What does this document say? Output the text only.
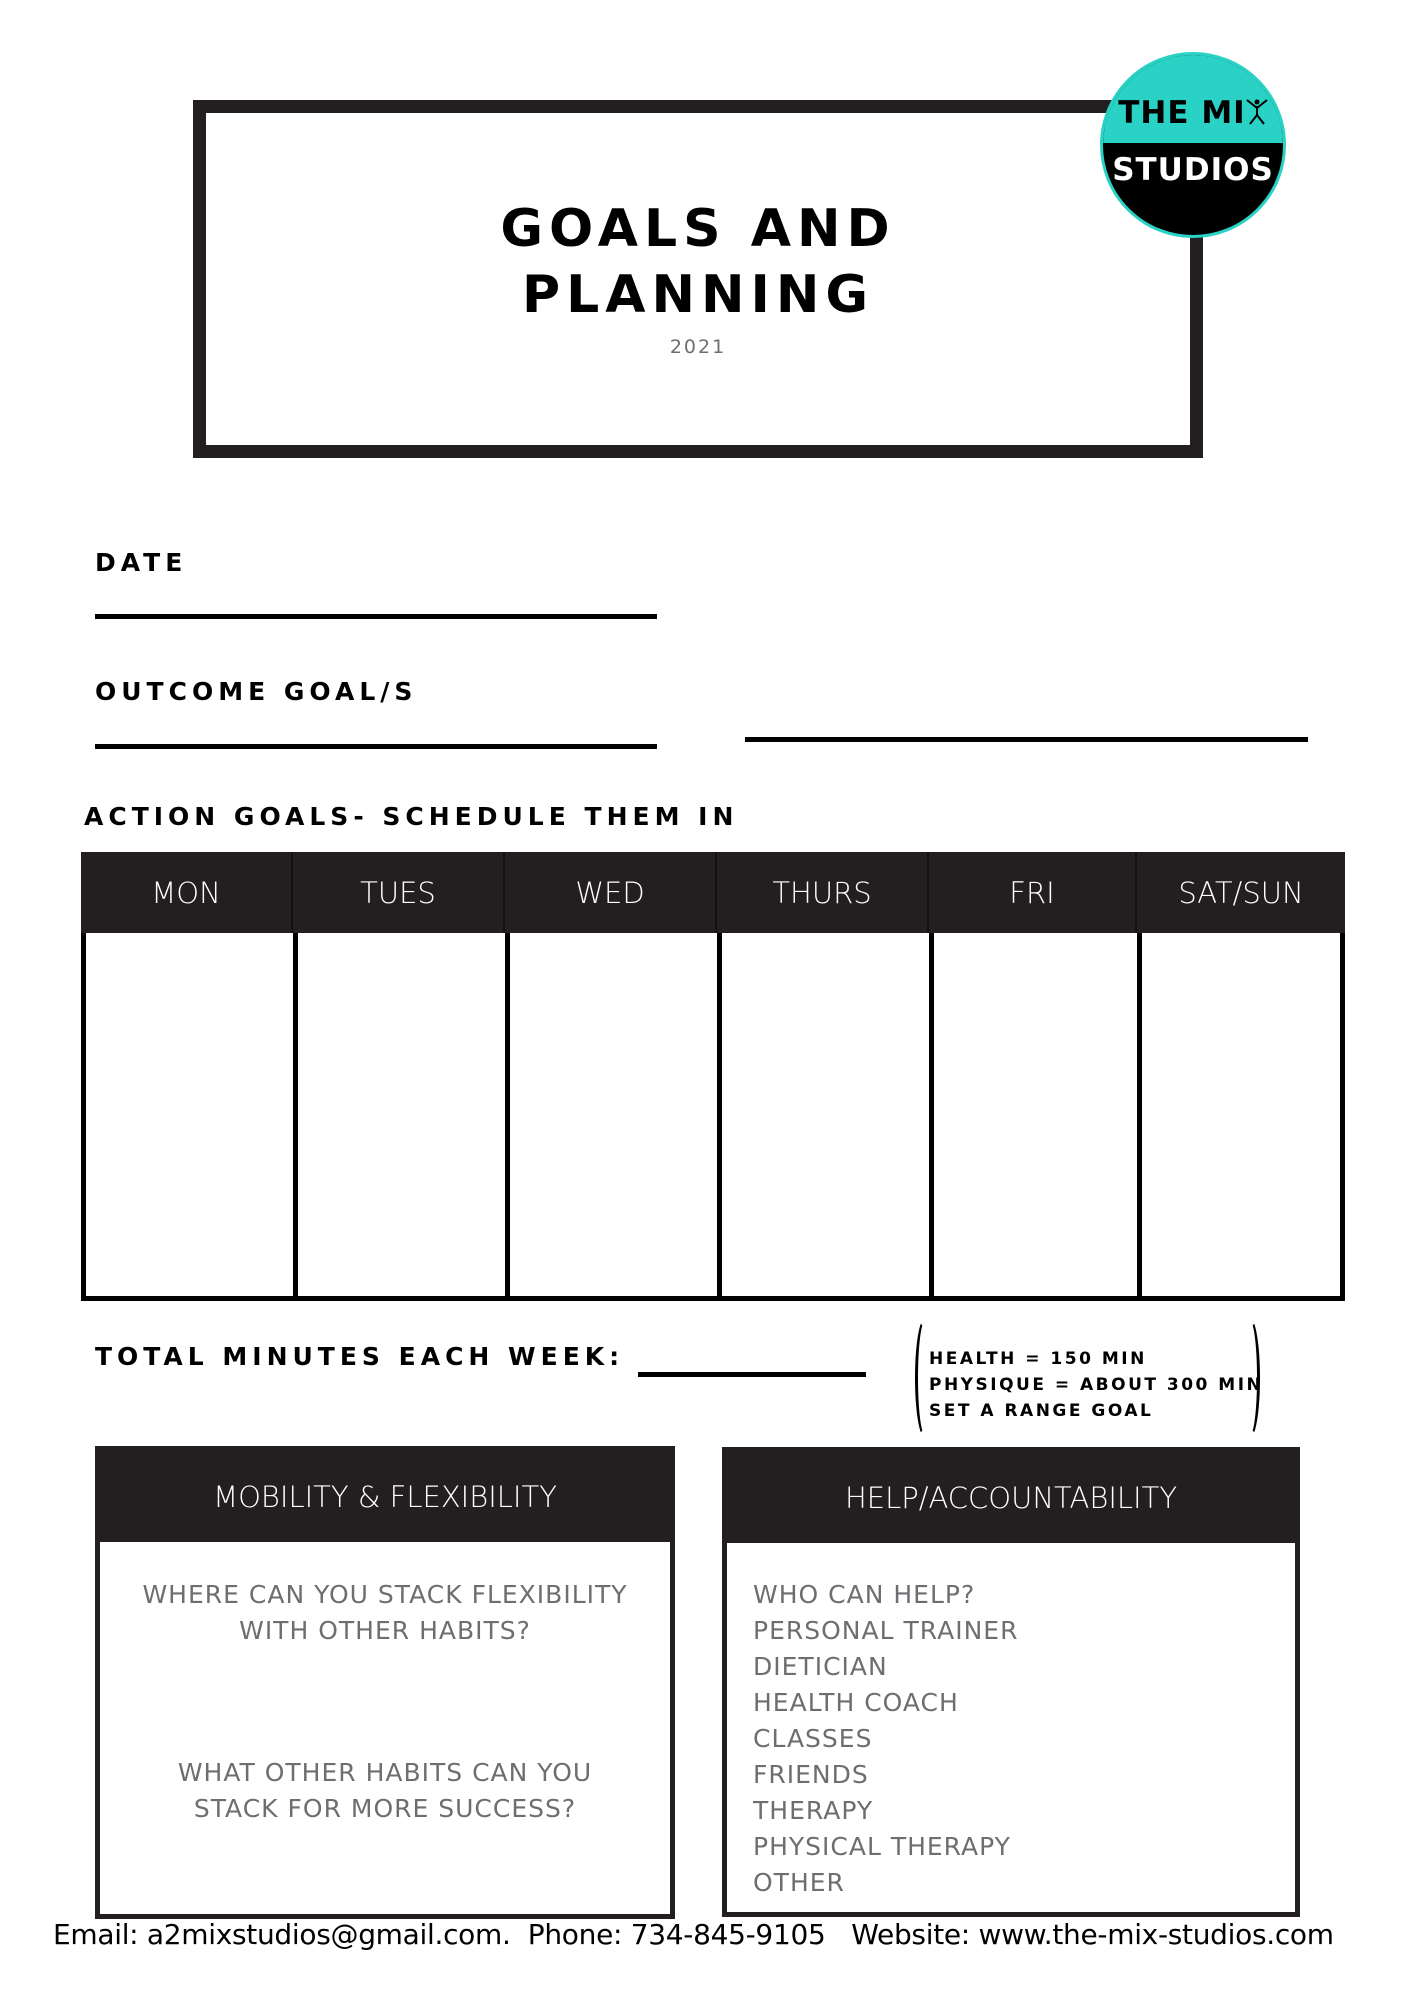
GOALS AND
PLANNING
2021
THE MI
STUDIOS
DATE
OUTCOME GOAL/S
ACTION GOALS- SCHEDULE THEM IN
MON	TUES	WED	THURS	FRI	SAT/SUN
TOTAL MINUTES EACH WEEK:	HEALTH = 150 MIN
PHYSIQUE = ABOUT 300 MIN
SET A RANGE GOAL
MOBILITY & FLEXIBILITY
WHERE CAN YOU STACK FLEXIBILITY
WITH OTHER HABITS?
WHAT OTHER HABITS CAN YOU
STACK FOR MORE SUCCESS?
HELP/ACCOUNTABILITY
WHO CAN HELP?
PERSONAL TRAINER
DIETICIAN
HEALTH COACH
CLASSES
FRIENDS
THERAPY
PHYSICAL THERAPY
OTHER
Email: a2mixstudios@gmail.com.  Phone: 734-845-9105   Website: www.the-mix-studios.com
